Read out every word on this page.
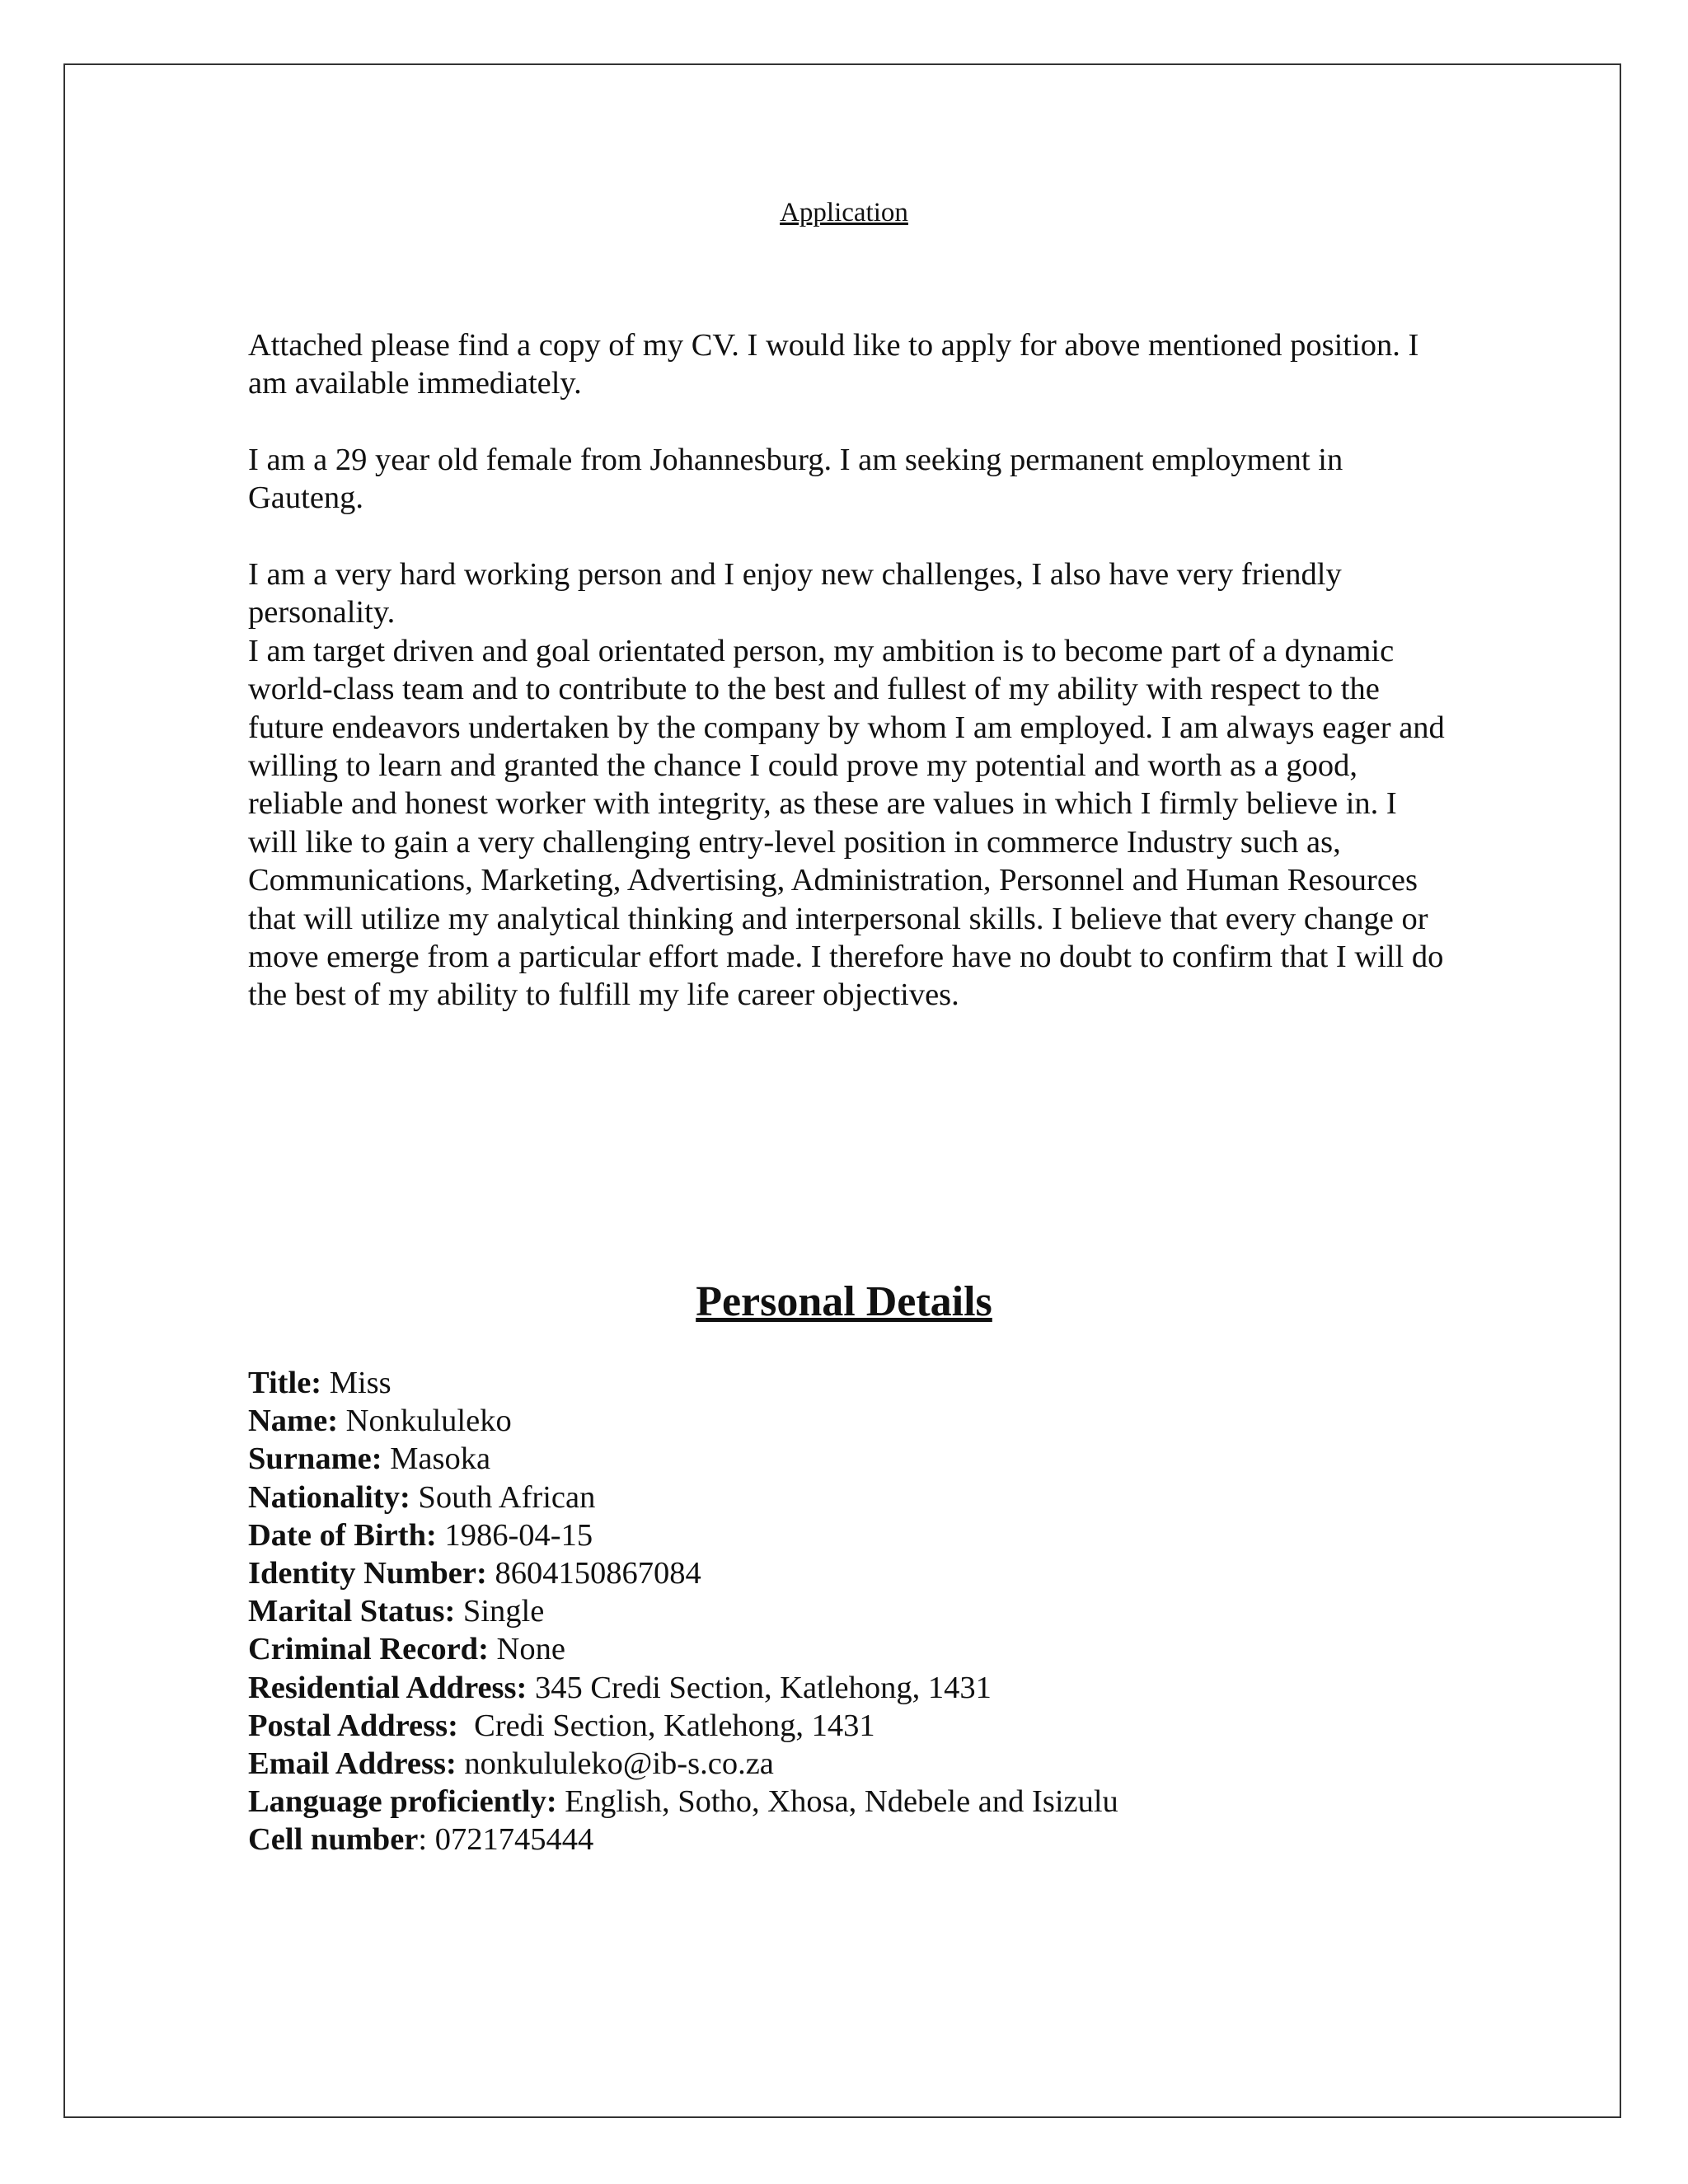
Application

Attached please find a copy of my CV. I would like to apply for above mentioned position. I am available immediately.

I am a 29 year old female from Johannesburg. I am seeking permanent employment in Gauteng.

I am a very hard working person and I enjoy new challenges, I also have very friendly personality.
I am target driven and goal orientated person, my ambition is to become part of a dynamic world-class team and to contribute to the best and fullest of my ability with respect to the future endeavors undertaken by the company by whom I am employed. I am always eager and willing to learn and granted the chance I could prove my potential and worth as a good, reliable and honest worker with integrity, as these are values in which I firmly believe in. I will like to gain a very challenging entry-level position in commerce Industry such as, Communications, Marketing, Advertising, Administration, Personnel and Human Resources that will utilize my analytical thinking and interpersonal skills. I believe that every change or move emerge from a particular effort made. I therefore have no doubt to confirm that I will do the best of my ability to fulfill my life career objectives.

Personal Details
Title: Miss
Name: Nonkululeko
Surname: Masoka
Nationality: South African
Date of Birth: 1986-04-15
Identity Number: 8604150867084
Marital Status: Single
Criminal Record: None
Residential Address: 345 Credi Section, Katlehong, 1431
Postal Address:  Credi Section, Katlehong, 1431
Email Address: nonkululeko@ib-s.co.za
Language proficiently: English, Sotho, Xhosa, Ndebele and Isizulu
Cell number: 0721745444
